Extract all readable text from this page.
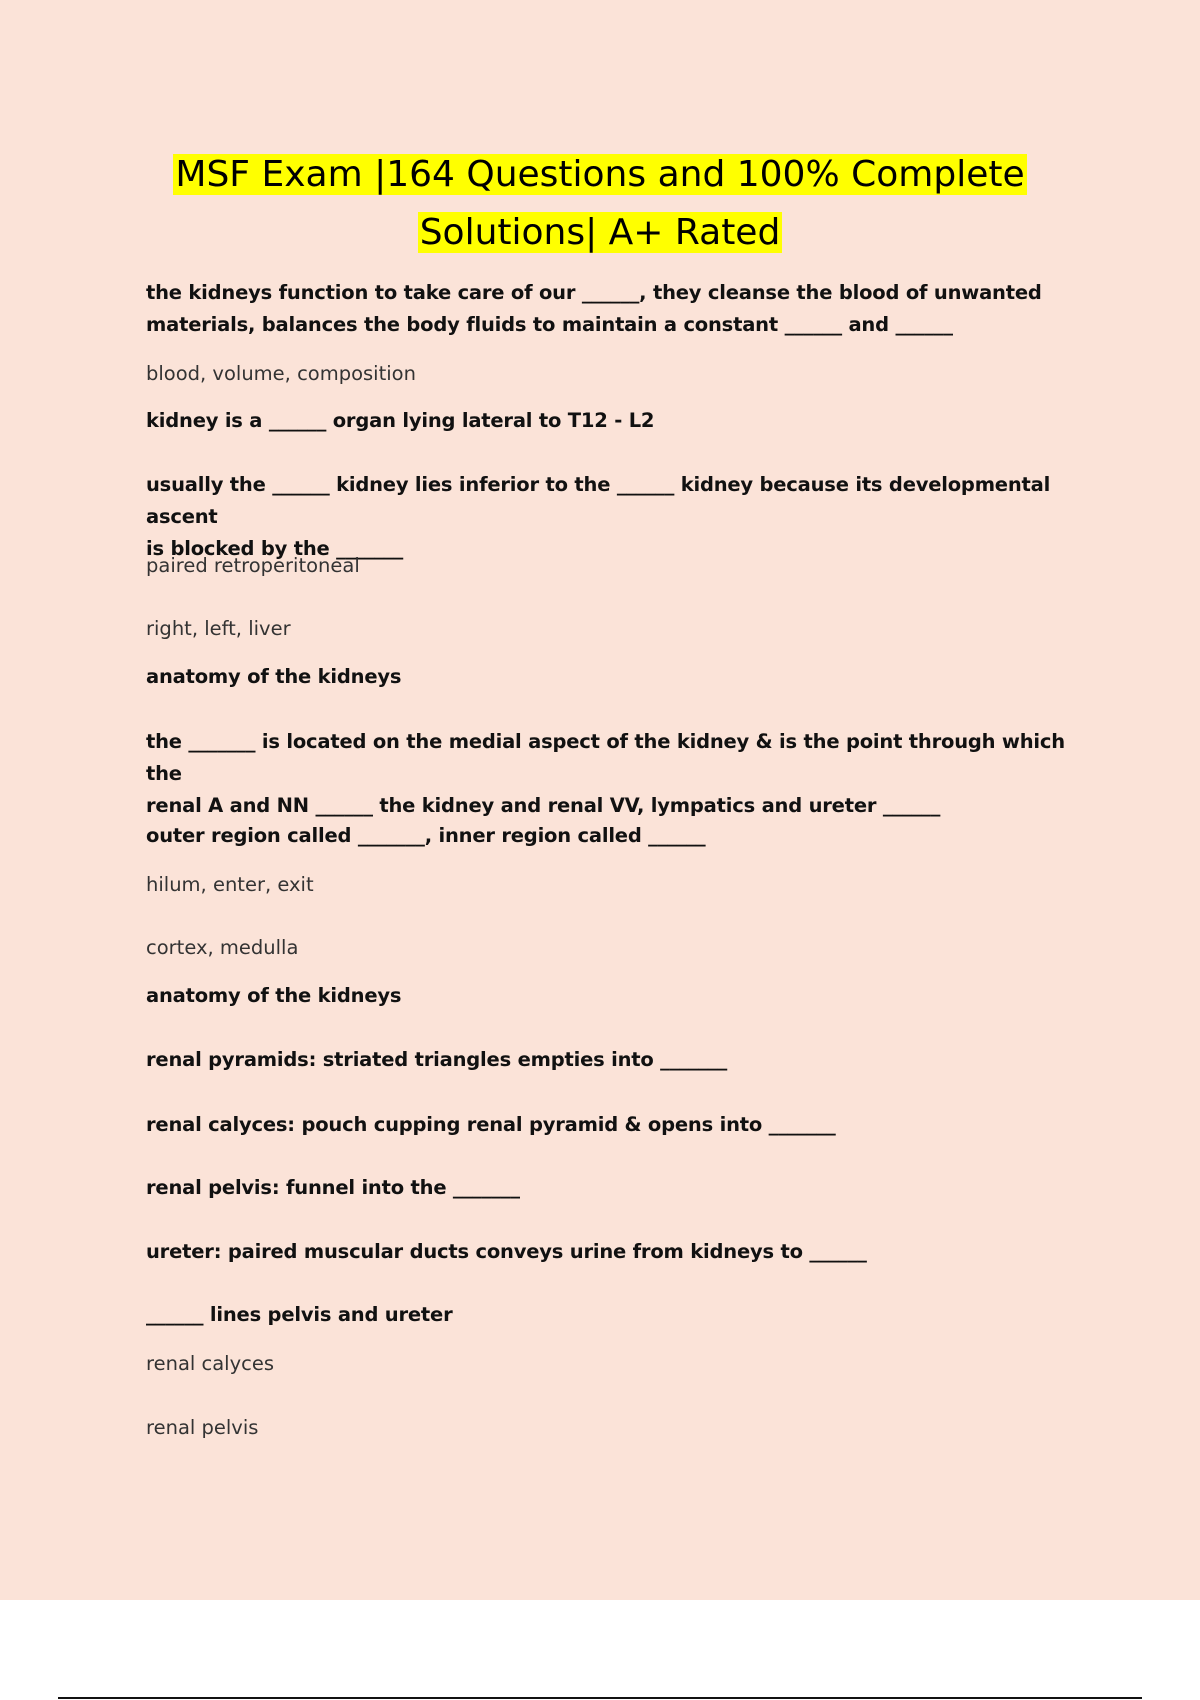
MSF Exam |164 Questions and 100% Complete
Solutions| A+ Rated

the kidneys function to take care of our ______, they cleanse the blood of unwanted
materials, balances the body fluids to maintain a constant ______ and ______

blood, volume, composition

kidney is a ______ organ lying lateral to T12 - L2

usually the ______ kidney lies inferior to the ______ kidney because its developmental ascent
is blocked by the _______

paired retroperitoneal

right, left, liver

anatomy of the kidneys

the _______ is located on the medial aspect of the kidney & is the point through which the
renal A and NN ______ the kidney and renal VV, lympatics and ureter ______

outer region called _______, inner region called ______

hilum, enter, exit

cortex, medulla

anatomy of the kidneys

renal pyramids: striated triangles empties into _______

renal calyces: pouch cupping renal pyramid & opens into _______

renal pelvis: funnel into the _______

ureter: paired muscular ducts conveys urine from kidneys to ______

______ lines pelvis and ureter

renal calyces

renal pelvis
